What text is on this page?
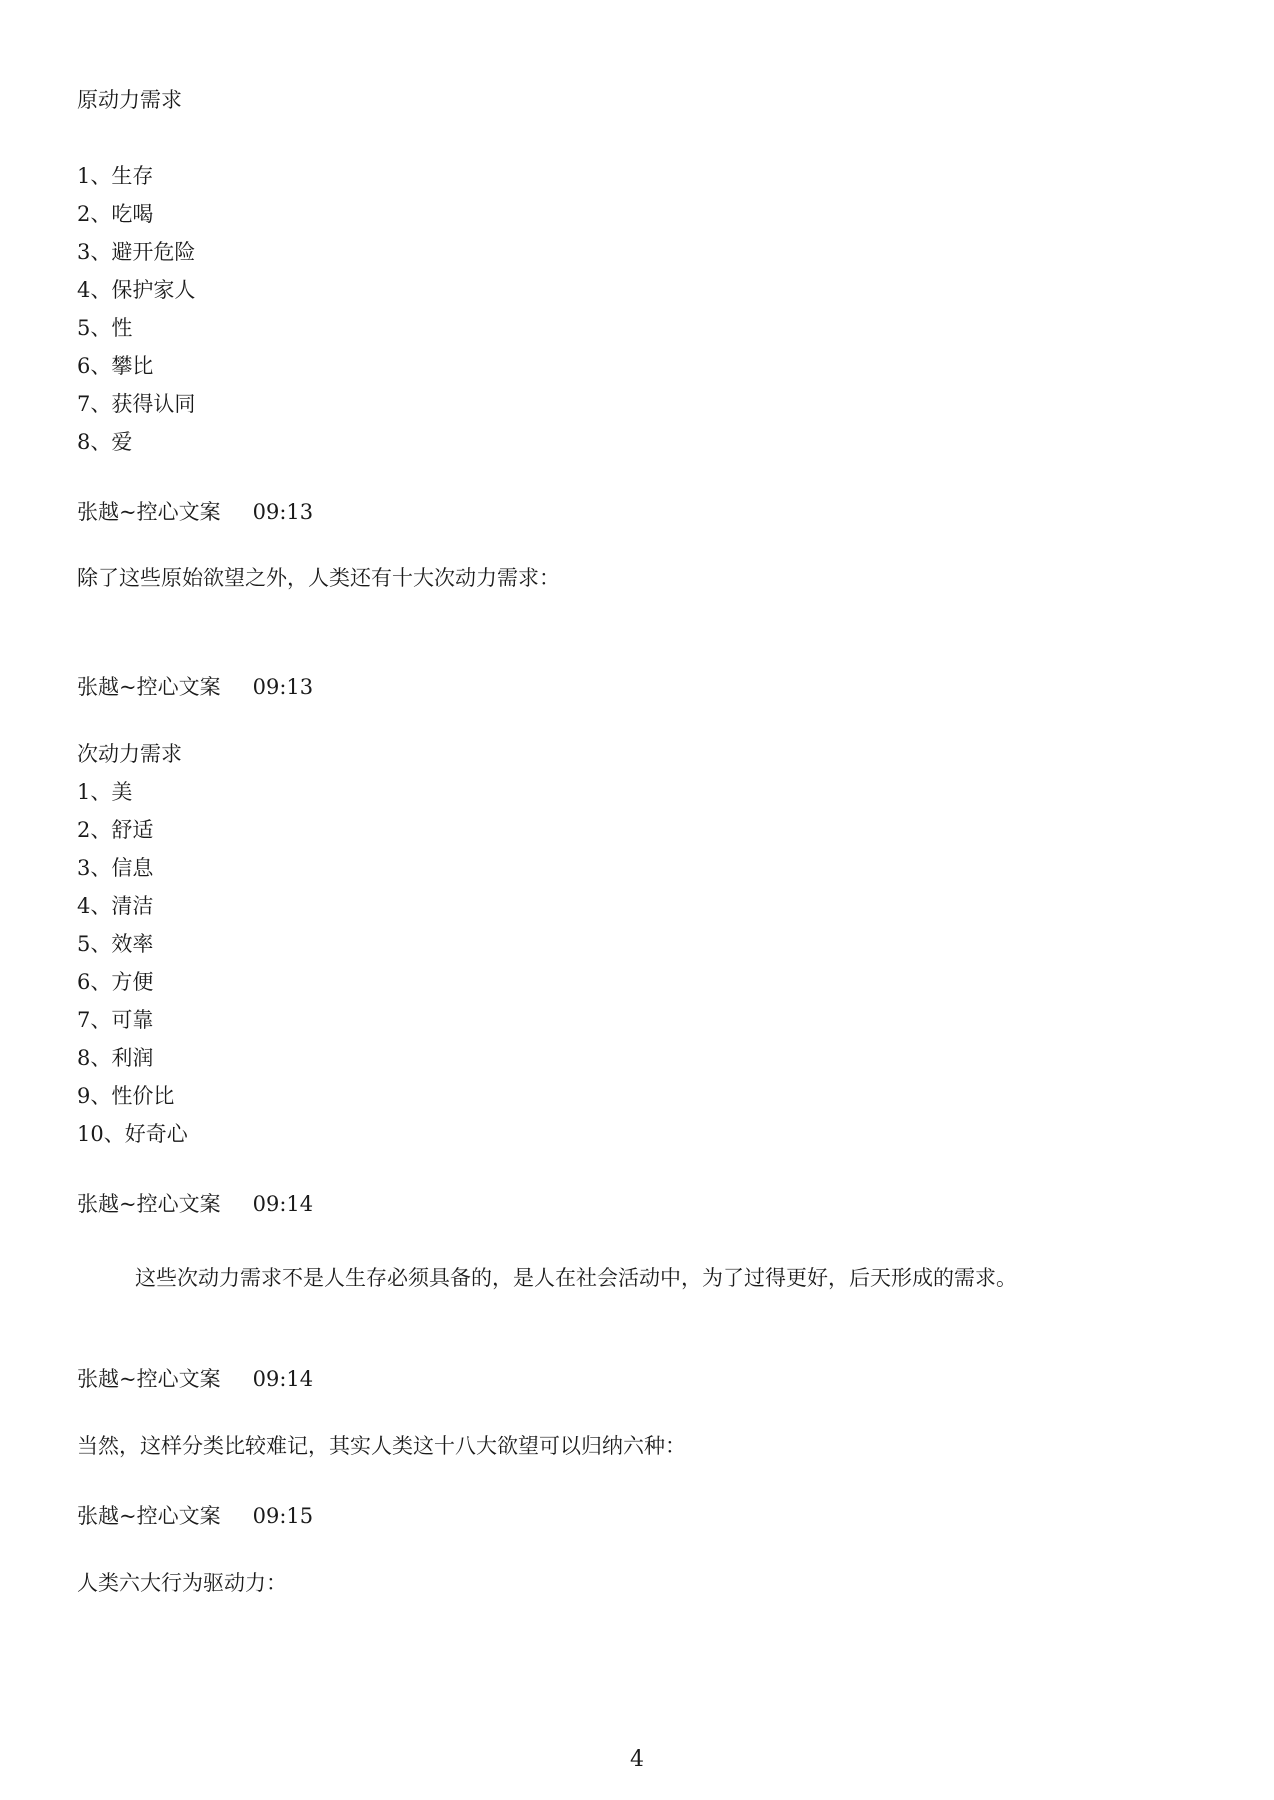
原动力需求
1、生存
2、吃喝
3、避开危险
4、保护家人
5、性
6、攀比
7、获得认同
8、爱
张越~控心文案 09:13
除了这些原始欲望之外，人类还有十大次动力需求：
张越~控心文案 09:13
次动力需求
1、美
2、舒适
3、信息
4、清洁
5、效率
6、方便
7、可靠
8、利润
9、性价比
10、好奇心
张越~控心文案 09:14
这些次动力需求不是人生存必须具备的，是人在社会活动中，为了过得更好，后天形成的需求。
张越~控心文案 09:14
当然，这样分类比较难记，其实人类这十八大欲望可以归纳六种：
张越~控心文案 09:15
人类六大行为驱动力：
4
